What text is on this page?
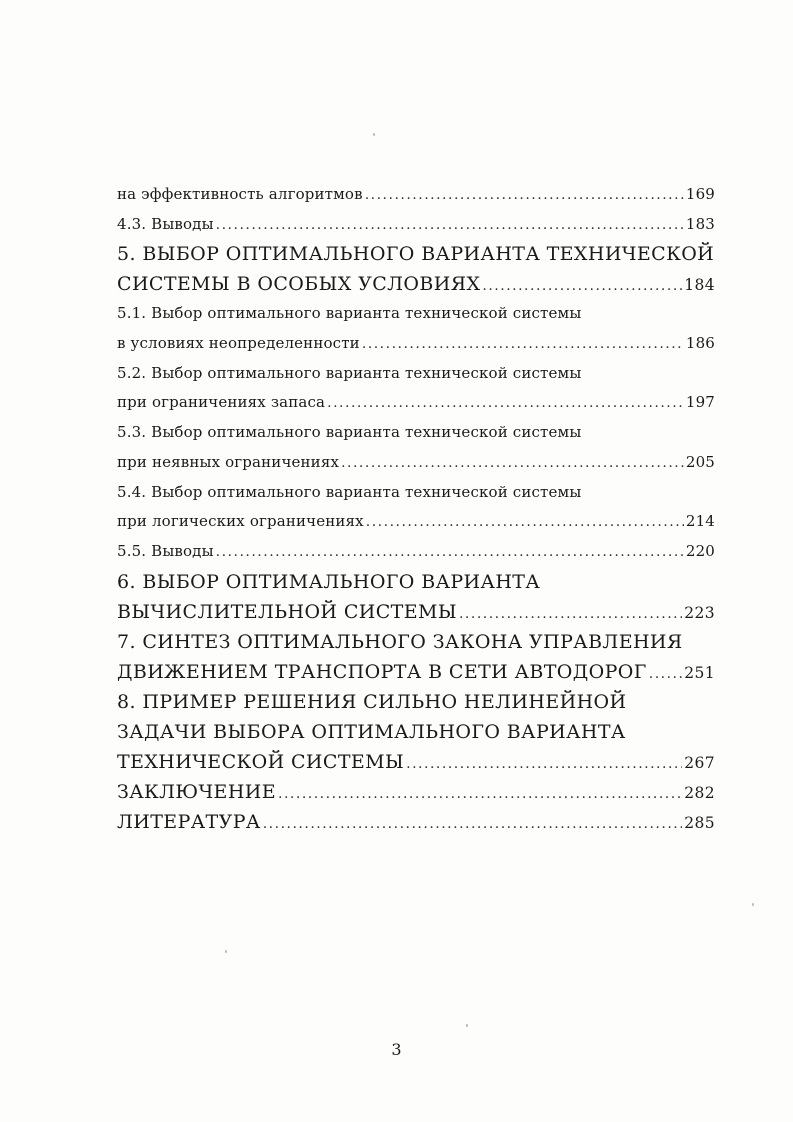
на эффективность алгоритмов .....	169
4.3. Выводы .....	183
5. ВЫБОР ОПТИМАЛЬНОГО ВАРИАНТА ТЕХНИЧЕСКОЙ
СИСТЕМЫ В ОСОБЫХ УСЛОВИЯХ .....	184
5.1. Выбор оптимального варианта технической системы
в условиях неопределенности .....	186
5.2. Выбор оптимального варианта технической системы
при ограничениях запаса .....	197
5.3. Выбор оптимального варианта технической системы
при неявных ограничениях .....	205
5.4. Выбор оптимального варианта технической системы
при логических ограничениях .....	214
5.5. Выводы .....	220
6. ВЫБОР ОПТИМАЛЬНОГО ВАРИАНТА
ВЫЧИСЛИТЕЛЬНОЙ СИСТЕМЫ .....	223
7. СИНТЕЗ ОПТИМАЛЬНОГО ЗАКОНА УПРАВЛЕНИЯ
ДВИЖЕНИЕМ ТРАНСПОРТА В СЕТИ АВТОДОРОГ ..... 251
8. ПРИМЕР РЕШЕНИЯ СИЛЬНО НЕЛИНЕЙНОЙ
ЗАДАЧИ ВЫБОРА ОПТИМАЛЬНОГО ВАРИАНТА
ТЕХНИЧЕСКОЙ СИСТЕМЫ .....	267
ЗАКЛЮЧЕНИЕ .....	282
ЛИТЕРАТУРА .....	285
3
